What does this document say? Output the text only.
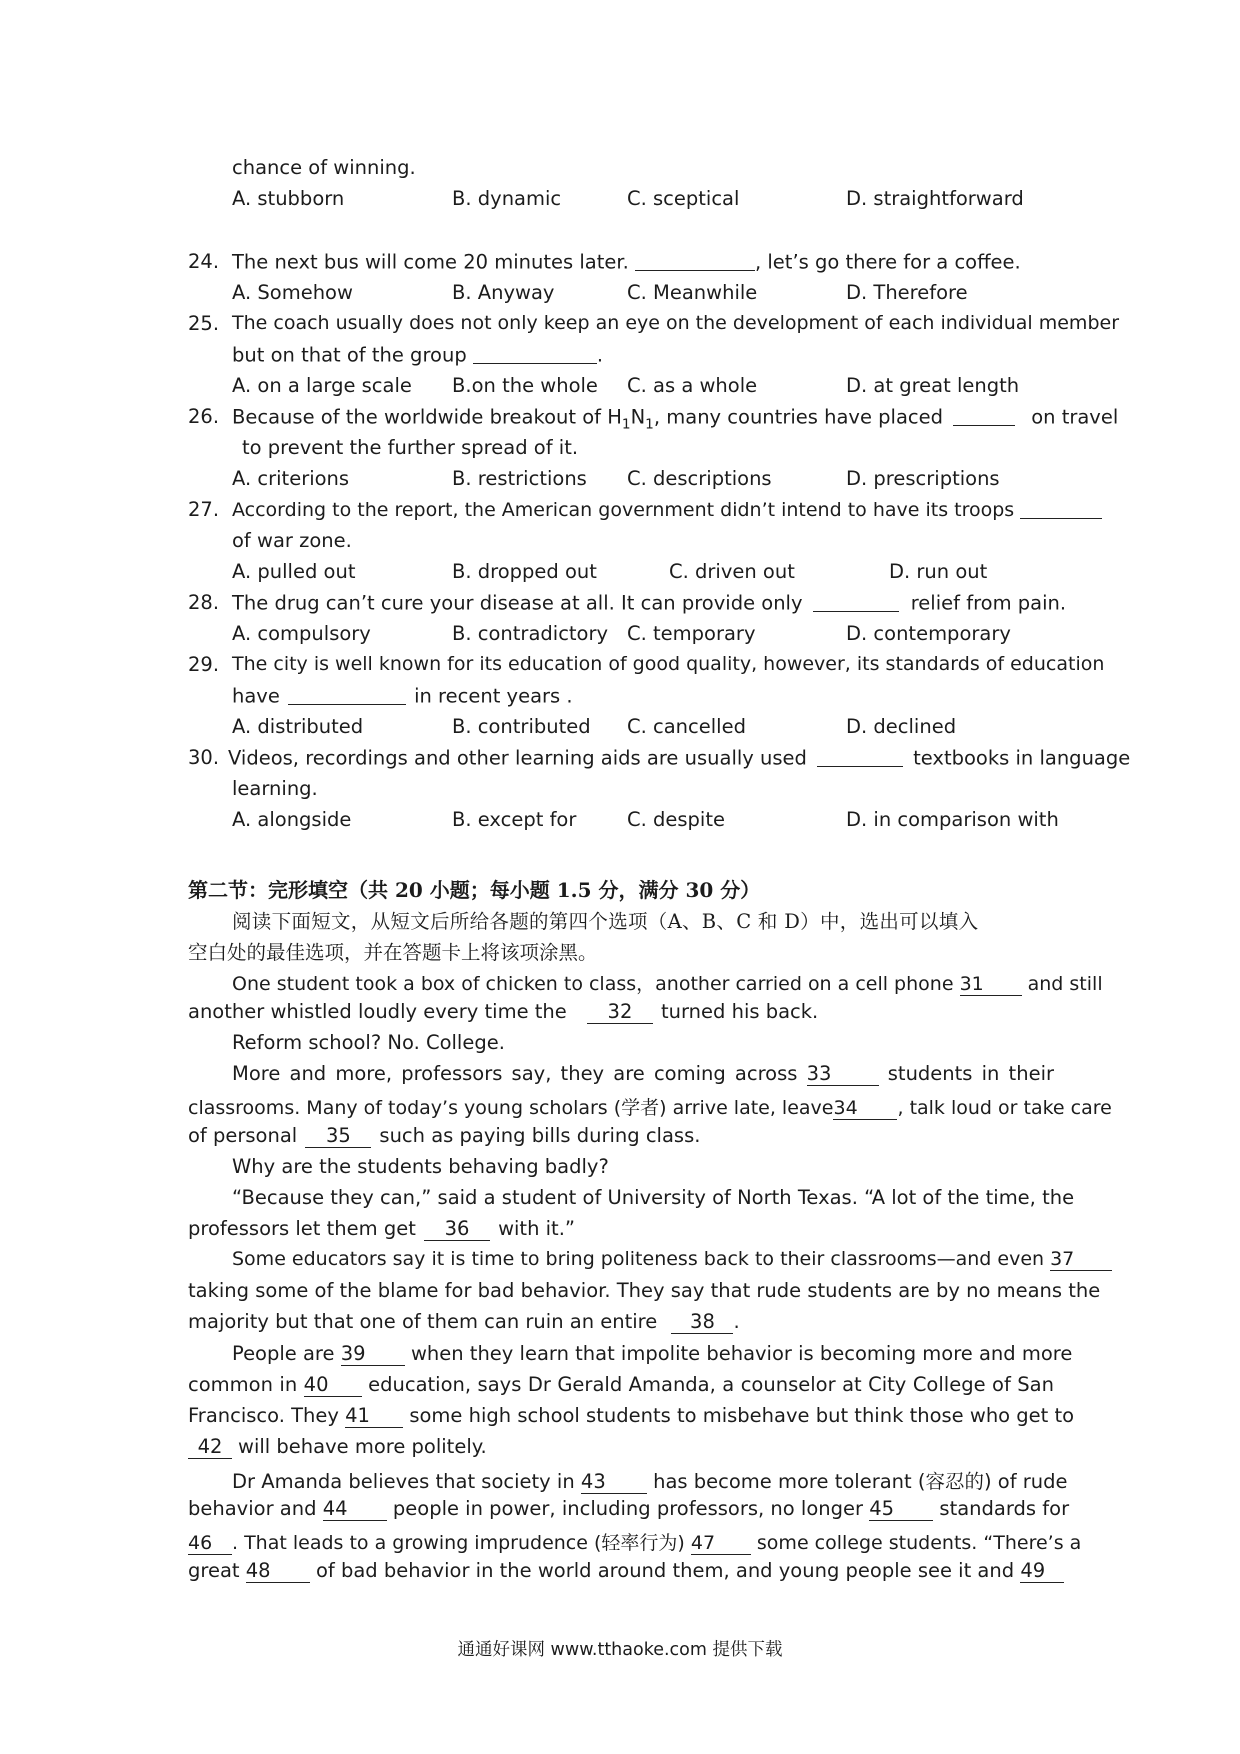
chance of winning.
A. stubborn	B. dynamic	C. sceptical	D. straightforward
24. The next bus will come 20 minutes later.	, let’s go there for a coffee.
A. Somehow	B. Anyway	C. Meanwhile	D. Therefore
25. The coach usually does not only keep an eye on the development of each individual member
but on that of the group	.
A. on a large scale B.on the whole C. as a whole	D. at great length
26. Because of the worldwide breakout of $H_1N_1$, many countries have placed	on travel
to prevent the further spread of it.
A. criterions	B. restrictions C. descriptions	D. prescriptions
27. According to the report, the American government didn’t intend to have its troops
of war zone.
A. pulled out	B. dropped out	C. driven out	D. run out
28. The drug can’t cure your disease at all. It can provide only	relief from pain.
A. compulsory	B. contradictory C. temporary	D. contemporary
29. The city is well known for its education of good quality, however, its standards of education
have	in recent years .
A. distributed	B. contributed C. cancelled	D. declined
30. Videos, recordings and other learning aids are usually used	textbooks in language
learning.
A. alongside	B. except for	C. despite	D. in comparison with
第二节：完形填空（共 20 小题；每小题 1.5 分，满分 30 分）
阅读下面短文，从短文后所给各题的第四个选项（A、B、C 和 D）中，选出可以填入
空白处的最佳选项，并在答题卡上将该项涂黑。
One student took a box of chicken to class，another carried on a cell phone 31 and still
another whistled loudly every time the 32 turned his back.
Reform school? No. College.
More and more, professors say, they are coming across 33	students in their
classrooms. Many of today’s young scholars (学者) arrive late, leave34 , talk loud or take care
of personal 35 such as paying bills during class.
Why are the students behaving badly?
“Because they can,” said a student of University of North Texas. “A lot of the time, the
professors let them get 36 with it.”
Some educators say it is time to bring politeness back to their classrooms—and even 37
taking some of the blame for bad behavior. They say that rude students are by no means the
majority but that one of them can ruin an entire 38 .
People are 39 when they learn that impolite behavior is becoming more and more
common in 40 education, says Dr Gerald Amanda, a counselor at City College of San
Francisco. They 41 some high school students to misbehave but think those who get to
42 will behave more politely.
Dr Amanda believes that society in 43 has become more tolerant (容忍的) of rude
behavior and 44 people in power, including professors, no longer 45 standards for
46 . That leads to a growing imprudence (轻率行为) 47 some college students. “There’s a
great 48 of bad behavior in the world around them, and young people see it and 49
通通好课网 www.tthaoke.com 提供下载
